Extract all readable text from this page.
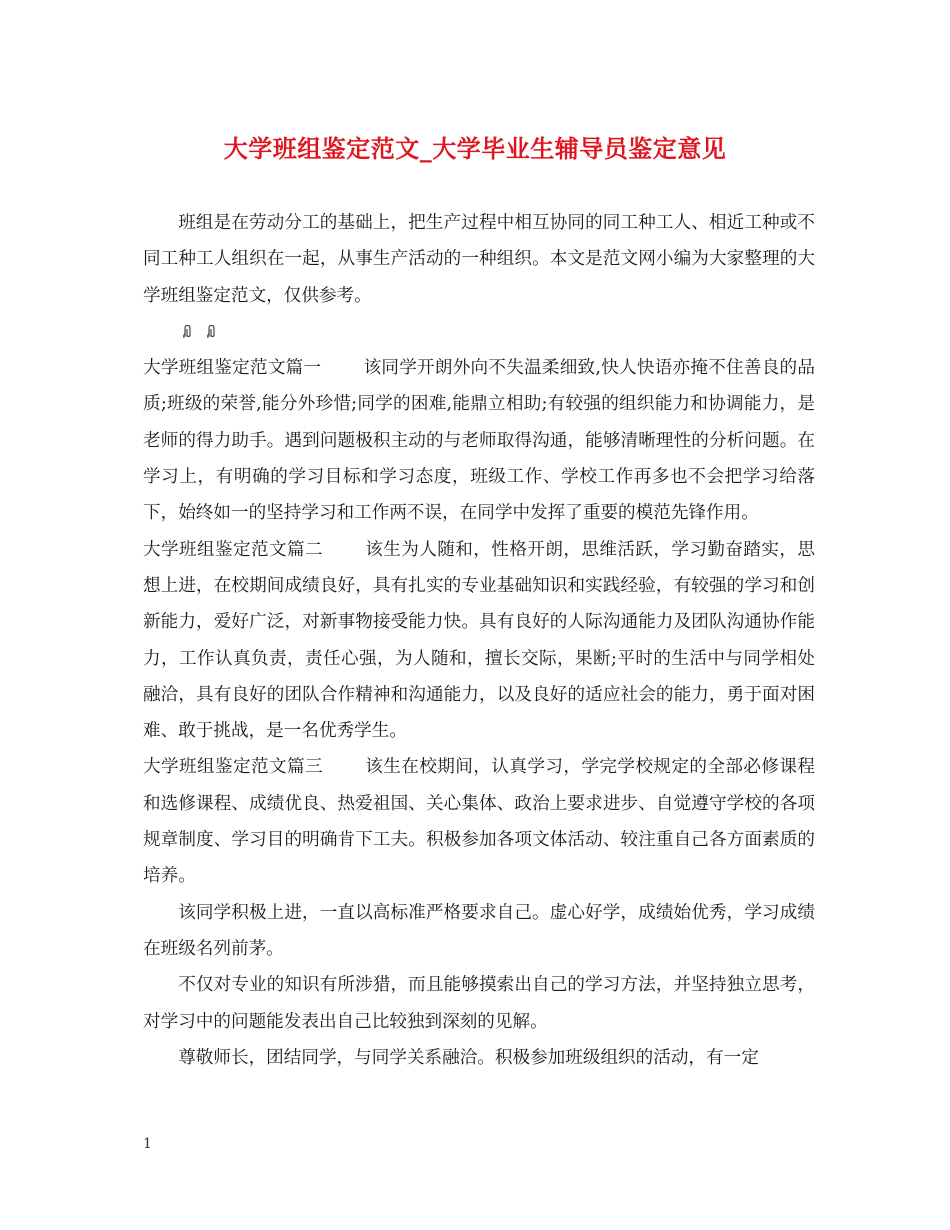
大学班组鉴定范文_大学毕业生辅导员鉴定意见

班组是在劳动分工的基础上，把生产过程中相互协同的同工种工人、相近工种或不同工种工人组织在一起，从事生产活动的一种组织。本文是范文网小编为大家整理的大学班组鉴定范文，仅供参考。

大学班组鉴定范文篇一 该同学开朗外向不失温柔细致,快人快语亦掩不住善良的品质;班级的荣誉,能分外珍惜;同学的困难,能鼎立相助;有较强的组织能力和协调能力，是老师的得力助手。遇到问题极积主动的与老师取得沟通，能够清晰理性的分析问题。在学习上，有明确的学习目标和学习态度，班级工作、学校工作再多也不会把学习给落下，始终如一的坚持学习和工作两不误，在同学中发挥了重要的模范先锋作用。

大学班组鉴定范文篇二 该生为人随和，性格开朗，思维活跃，学习勤奋踏实，思想上进，在校期间成绩良好，具有扎实的专业基础知识和实践经验，有较强的学习和创新能力，爱好广泛，对新事物接受能力快。具有良好的人际沟通能力及团队沟通协作能力，工作认真负责，责任心强，为人随和，擅长交际，果断;平时的生活中与同学相处融洽，具有良好的团队合作精神和沟通能力，以及良好的适应社会的能力，勇于面对困难、敢于挑战，是一名优秀学生。

大学班组鉴定范文篇三 该生在校期间，认真学习，学完学校规定的全部必修课程和选修课程、成绩优良、热爱祖国、关心集体、政治上要求进步、自觉遵守学校的各项规章制度、学习目的明确肯下工夫。积极参加各项文体活动、较注重自己各方面素质的培养。

该同学积极上进，一直以高标准严格要求自己。虚心好学，成绩始优秀，学习成绩在班级名列前茅。

不仅对专业的知识有所涉猎，而且能够摸索出自己的学习方法，并坚持独立思考，对学习中的问题能发表出自己比较独到深刻的见解。

尊敬师长，团结同学，与同学关系融洽。积极参加班级组织的活动，有一定

1
